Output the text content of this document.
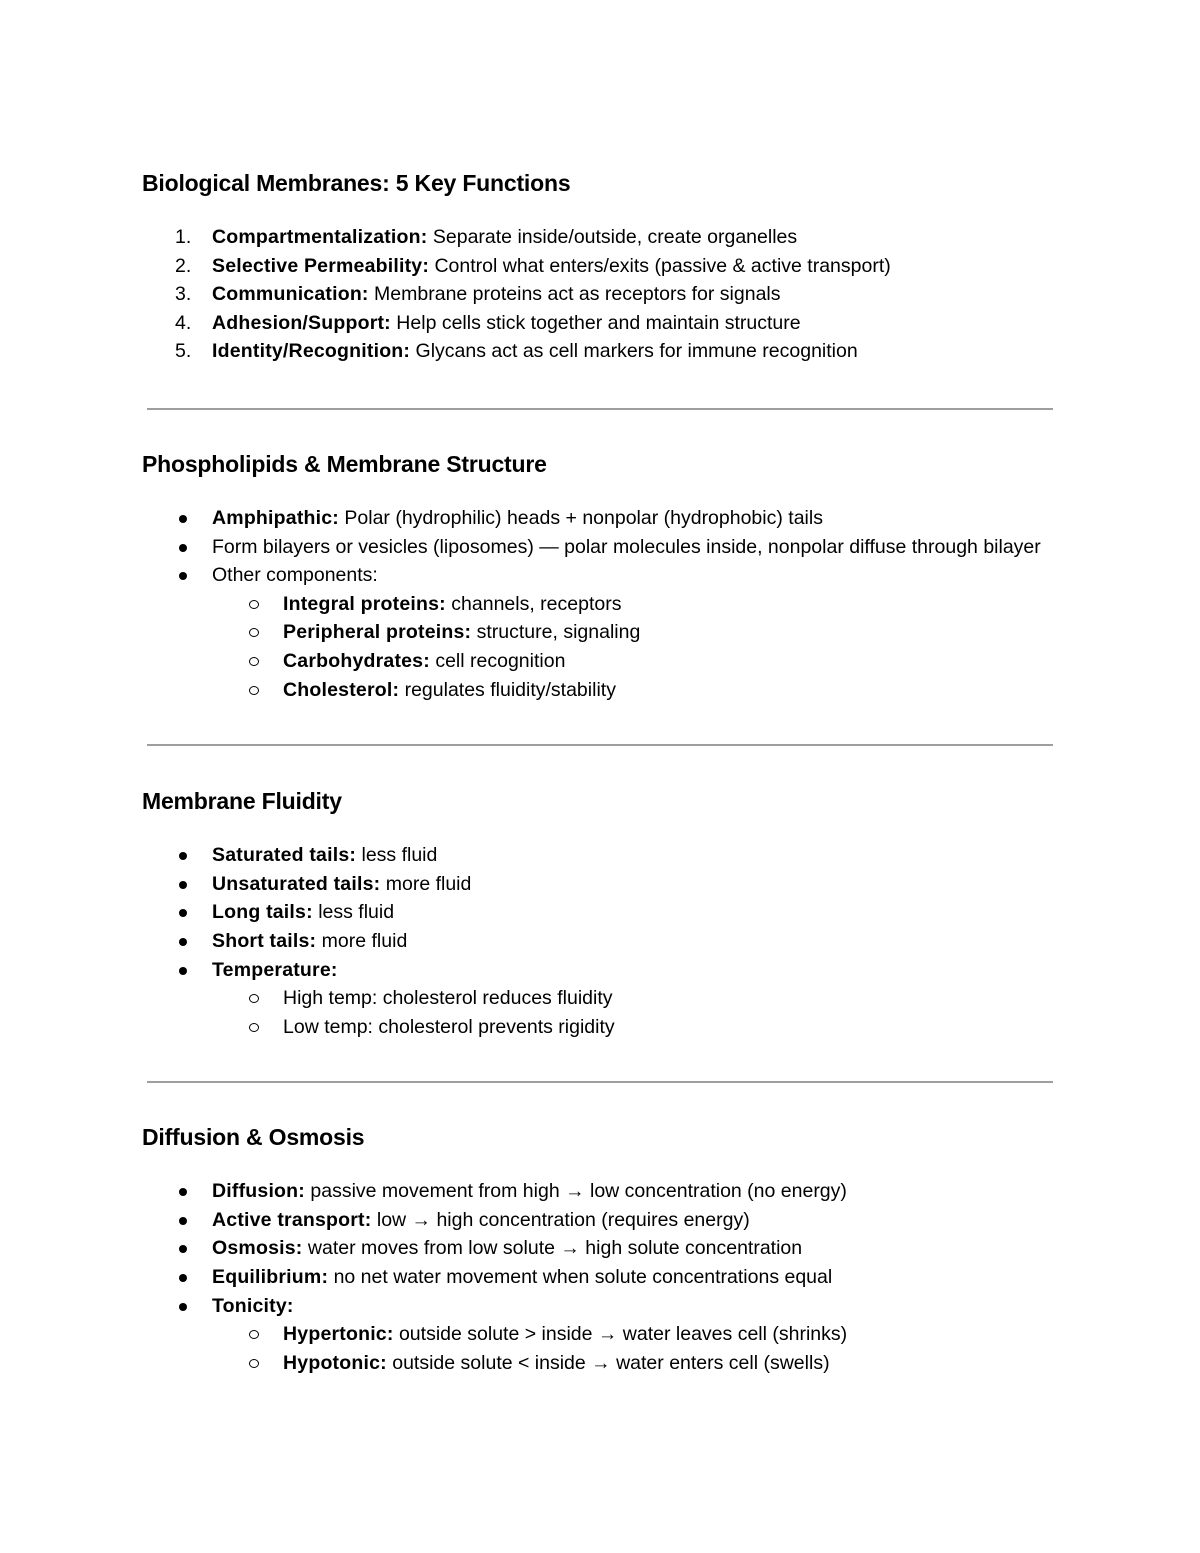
Biological Membranes: 5 Key Functions
1. Compartmentalization: Separate inside/outside, create organelles
2. Selective Permeability: Control what enters/exits (passive & active transport)
3. Communication: Membrane proteins act as receptors for signals
4. Adhesion/Support: Help cells stick together and maintain structure
5. Identity/Recognition: Glycans act as cell markers for immune recognition
Phospholipids & Membrane Structure
Amphipathic: Polar (hydrophilic) heads + nonpolar (hydrophobic) tails
Form bilayers or vesicles (liposomes) — polar molecules inside, nonpolar diffuse through bilayer
Other components:
Integral proteins: channels, receptors
Peripheral proteins: structure, signaling
Carbohydrates: cell recognition
Cholesterol: regulates fluidity/stability
Membrane Fluidity
Saturated tails: less fluid
Unsaturated tails: more fluid
Long tails: less fluid
Short tails: more fluid
Temperature:
High temp: cholesterol reduces fluidity
Low temp: cholesterol prevents rigidity
Diffusion & Osmosis
Diffusion: passive movement from high → low concentration (no energy)
Active transport: low → high concentration (requires energy)
Osmosis: water moves from low solute → high solute concentration
Equilibrium: no net water movement when solute concentrations equal
Tonicity:
Hypertonic: outside solute > inside → water leaves cell (shrinks)
Hypotonic: outside solute < inside → water enters cell (swells)
